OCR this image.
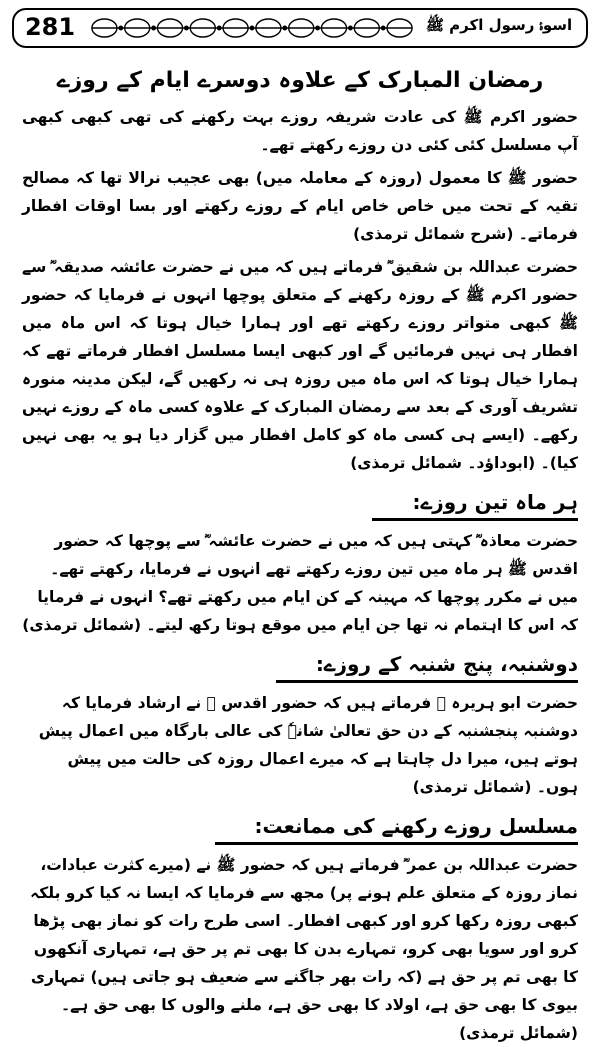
281	اسوۂ رسول اکرم ﷺ
رمضان المبارک کے علاوہ دوسرے ایام کے روزے

حضور اکرم ﷺ کی عادت شریفہ روزے بہت رکھنے کی تھی کبھی کبھی آپ مسلسل کئی کئی دن روزے رکھتے تھے۔

حضور ﷺ کا معمول (روزہ کے معاملہ میں) بھی عجیب نرالا تھا کہ مصالح تقیہ کے تحت میں خاص خاص ایام کے روزے رکھتے اور بسا اوقات افطار فرماتے۔ (شرح شمائل ترمذی)

حضرت عبداللہ بن شقیق ؓ فرماتے ہیں کہ میں نے حضرت عائشہ صدیقہ ؓ سے حضور اکرم ﷺ کے روزہ رکھنے کے متعلق پوچھا انہوں نے فرمایا کہ حضور ﷺ کبھی متواتر روزے رکھتے تھے اور ہمارا خیال ہوتا کہ اس ماہ میں افطار ہی نہیں فرمائیں گے اور کبھی ایسا مسلسل افطار فرماتے تھے کہ ہمارا خیال ہوتا کہ اس ماہ میں روزہ ہی نہ رکھیں گے، لیکن مدینہ منورہ تشریف آوری کے بعد سے رمضان المبارک کے علاوہ کسی ماہ کے روزے نہیں رکھے۔ (ایسے ہی کسی ماہ کو کامل افطار میں گزار دیا ہو یہ بھی نہیں کیا)۔ (ابوداؤد۔ شمائل ترمذی)

ہر ماہ تین روزے:

حضرت معاذہ ؓ کہتی ہیں کہ میں نے حضرت عائشہ ؓ سے پوچھا کہ حضور اقدس ﷺ ہر ماہ میں تین روزے رکھتے تھے انہوں نے فرمایا، رکھتے تھے۔ میں نے مکرر پوچھا کہ مہینہ کے کن ایام میں رکھتے تھے؟ انہوں نے فرمایا کہ اس کا اہتمام نہ تھا جن ایام میں موقع ہوتا رکھ لیتے۔ (شمائل ترمذی)

دوشنبہ، پنج شنبہ کے روزے:

حضرت ابو ہریرہ ؓ فرماتے ہیں کہ حضور اقدس ﷺ نے ارشاد فرمایا کہ دوشنبہ پنجشنبہ کے دن حق تعالیٰ شانہٗ کی عالی بارگاہ میں اعمال پیش ہوتے ہیں، میرا دل چاہتا ہے کہ میرے اعمال روزہ کی حالت میں پیش ہوں۔ (شمائل ترمذی)

مسلسل روزے رکھنے کی ممانعت:

حضرت عبداللہ بن عمر ؓ فرماتے ہیں کہ حضور ﷺ نے (میرے کثرت عبادات، نماز روزہ کے متعلق علم ہونے پر) مجھ سے فرمایا کہ ایسا نہ کیا کرو بلکہ کبھی روزہ رکھا کرو اور کبھی افطار۔ اسی طرح رات کو نماز بھی پڑھا کرو اور سویا بھی کرو، تمہارے بدن کا بھی تم پر حق ہے، تمہاری آنکھوں کا بھی تم پر حق ہے (کہ رات بھر جاگنے سے ضعیف ہو جاتی ہیں) تمہاری بیوی کا بھی حق ہے، اولاد کا بھی حق ہے، ملنے والوں کا بھی حق ہے۔ (شمائل ترمذی)
